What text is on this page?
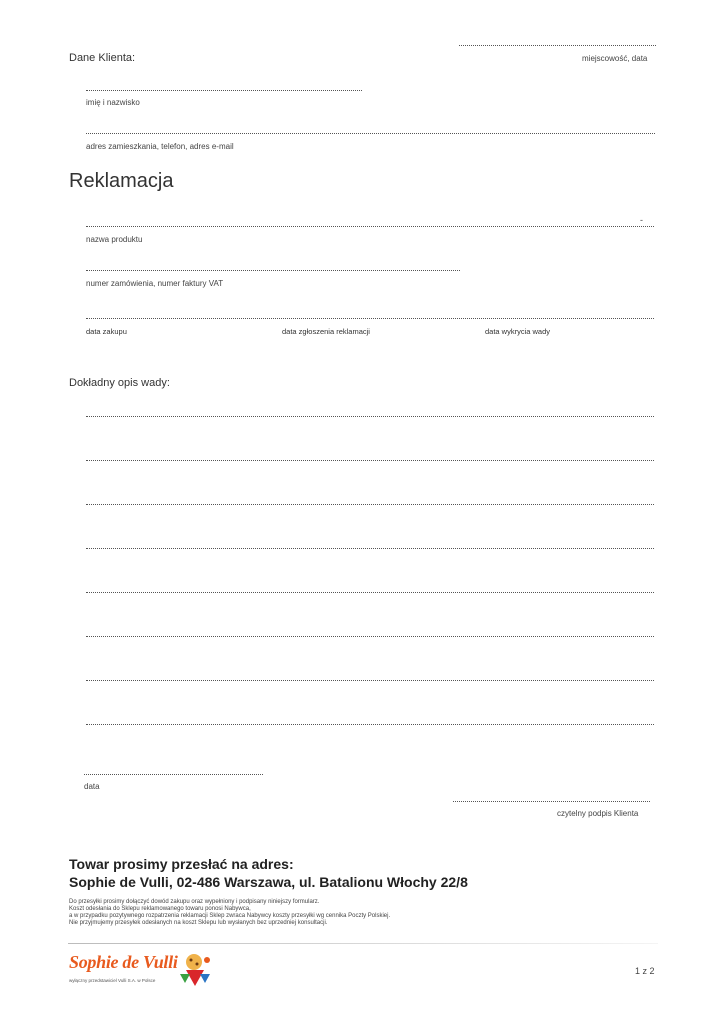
Dane Klienta:	miejscowość, data
imię i nazwisko
adres zamieszkania, telefon, adres e-mail
Reklamacja
-
nazwa produktu
numer zamówienia, numer faktury VAT
data zakupu	data zgłoszenia reklamacji	data wykrycia wady
Dokładny opis wady:
data
czytelny podpis Klienta
Towar prosimy przesłać na adres:
Sophie de Vulli, 02-486 Warszawa, ul. Batalionu Włochy 22/8
Do przesyłki prosimy dołączyć dowód zakupu oraz wypełniony i podpisany niniejszy formularz.
Koszt odesłania do Sklepu reklamowanego towaru ponosi Nabywca,
a w przypadku pozytywnego rozpatrzenia reklamacji Sklep zwraca Nabywcy koszty przesyłki wg cennika Poczty Polskiej.
Nie przyjmujemy przesyłek odesłanych na koszt Sklepu lub wysłanych bez uprzedniej konsultacji.
Sophie de Vulli
wyłączny przedstawiciel Vulli S.A. w Polsce
1 z 2
